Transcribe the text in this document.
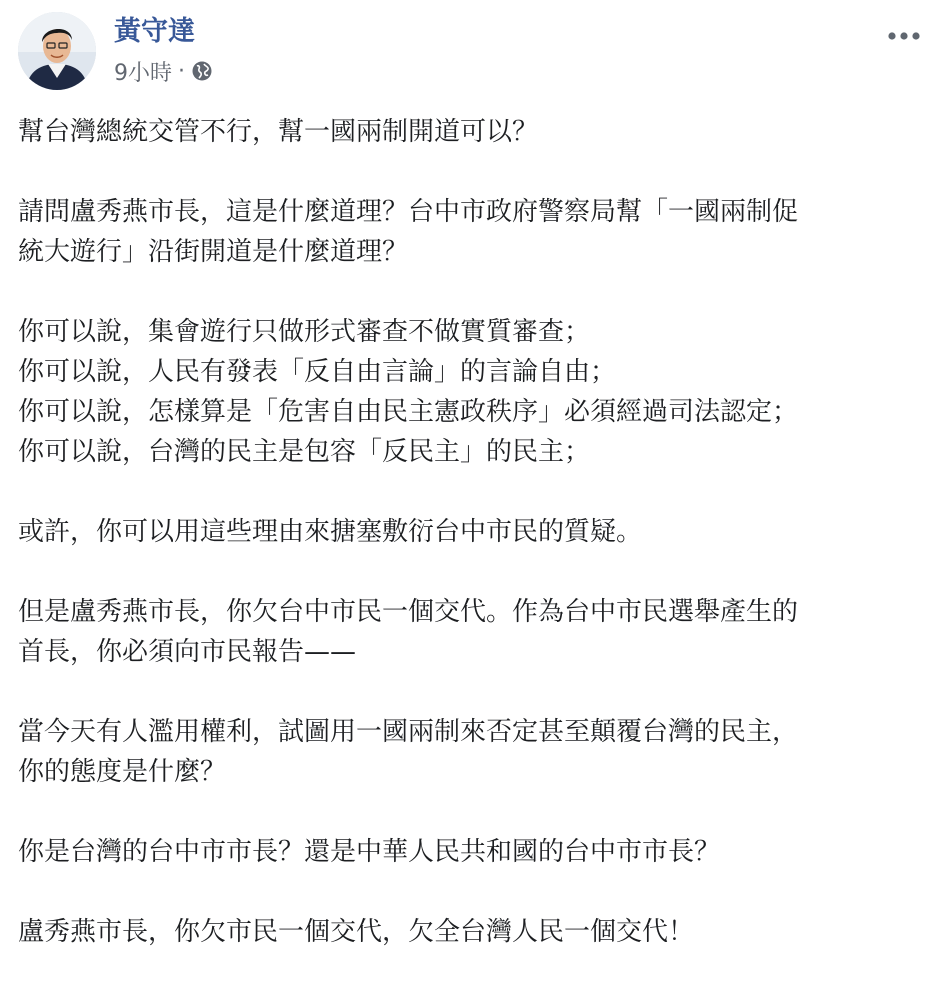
黃守達
9小時 ·

幫台灣總統交管不行，幫一國兩制開道可以？

請問盧秀燕市長，這是什麼道理？台中市政府警察局幫「一國兩制促
統大遊行」沿街開道是什麼道理？

你可以說，集會遊行只做形式審查不做實質審查；
你可以說，人民有發表「反自由言論」的言論自由；
你可以說，怎樣算是「危害自由民主憲政秩序」必須經過司法認定；
你可以說，台灣的民主是包容「反民主」的民主；

或許，你可以用這些理由來搪塞敷衍台中市民的質疑。

但是盧秀燕市長，你欠台中市民一個交代。作為台中市民選舉產生的
首長，你必須向市民報告——

當今天有人濫用權利，試圖用一國兩制來否定甚至顛覆台灣的民主，
你的態度是什麼？

你是台灣的台中市市長？還是中華人民共和國的台中市市長？

盧秀燕市長，你欠市民一個交代，欠全台灣人民一個交代！
